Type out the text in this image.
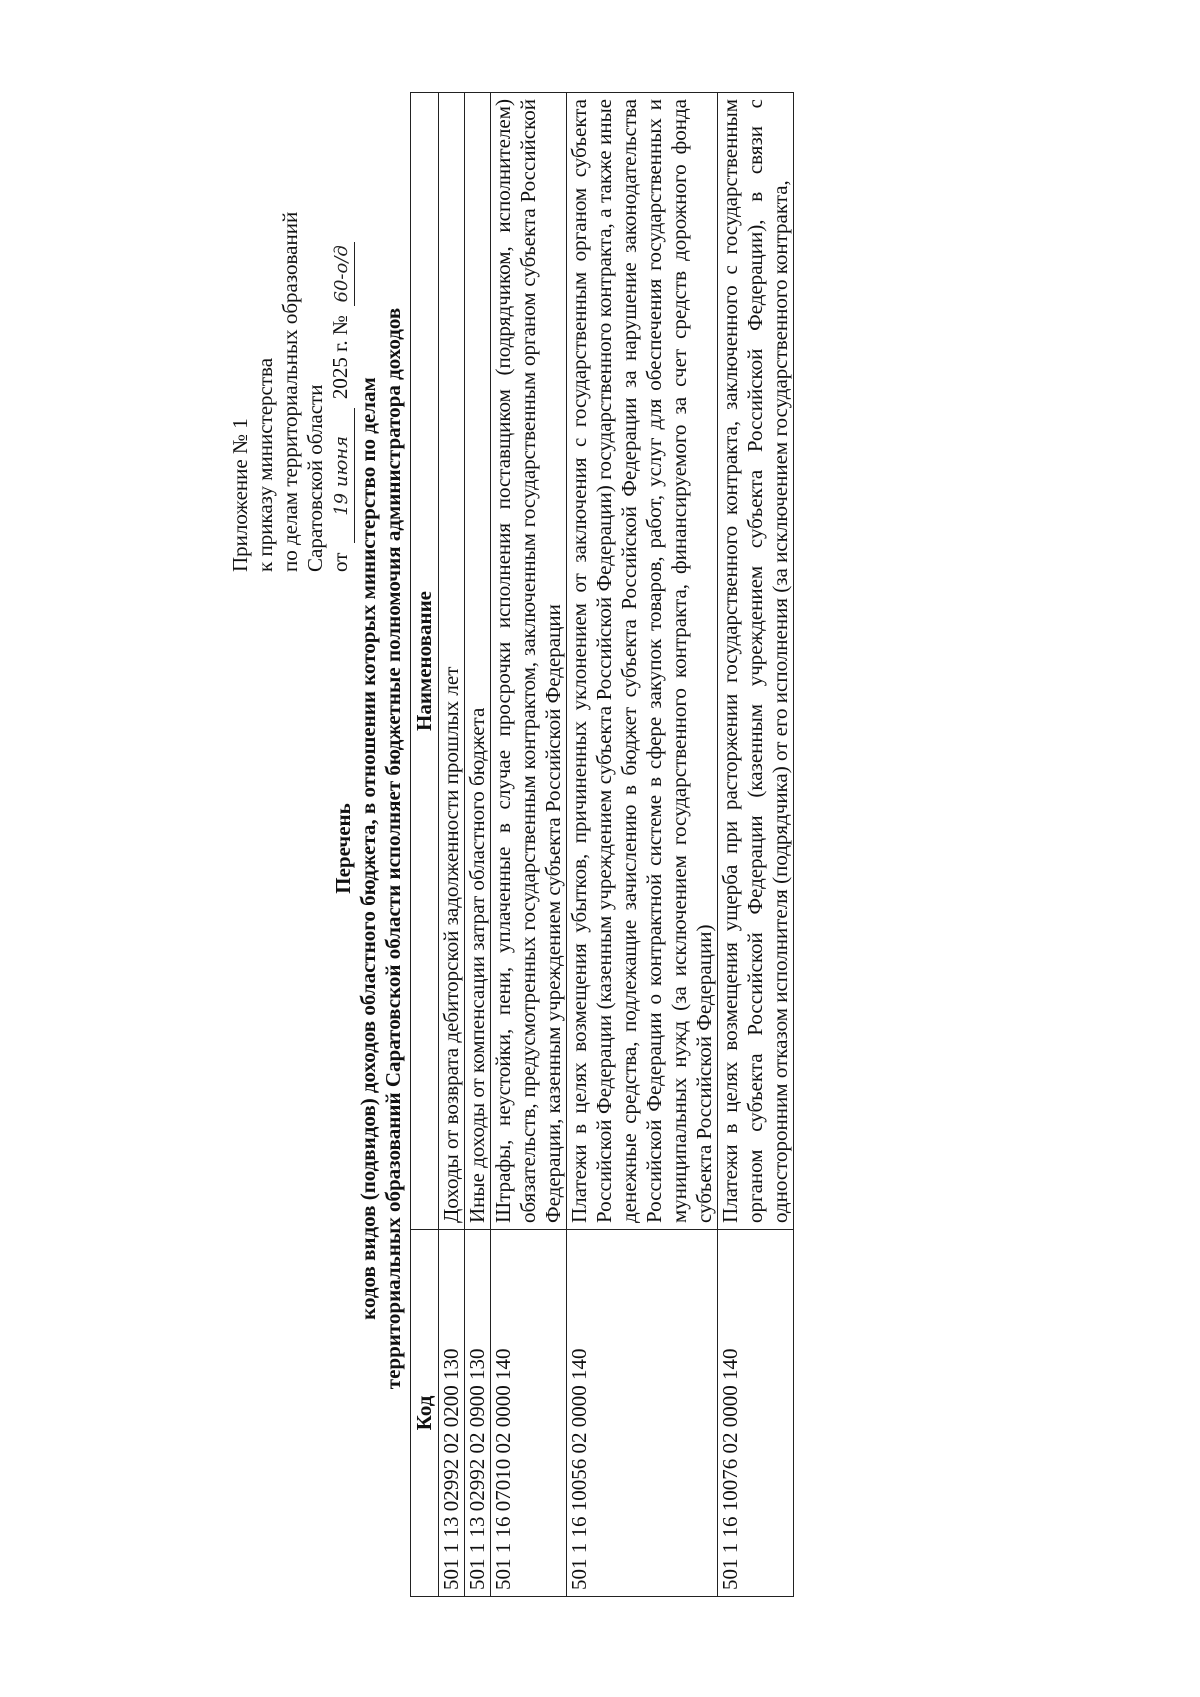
Приложение № 1 к приказу министерства по делам территориальных образований Саратовской области от 19 июня 2025 г. № 60-о/д
Перечень кодов видов (подвидов) доходов областного бюджета, в отношении которых министерство по делам территориальных образований Саратовской области исполняет бюджетные полномочия администратора доходов
Код	Наименование
501 1 13 02992 02 0200 130	Доходы от возврата дебиторской задолженности прошлых лет
501 1 13 02992 02 0900 130	Иные доходы от компенсации затрат областного бюджета
501 1 16 07010 02 0000 140	Штрафы, неустойки, пени, уплаченные в случае просрочки исполнения поставщиком (подрядчиком, исполнителем) обязательств, предусмотренных государственным контрактом, заключенным государственным органом субъекта Российской Федерации, казенным учреждением субъекта Российской Федерации
501 1 16 10056 02 0000 140	Платежи в целях возмещения убытков, причиненных уклонением от заключения с государственным органом субъекта Российской Федерации (казенным учреждением субъекта Российской Федерации) государственного контракта, а также иные денежные средства, подлежащие зачислению в бюджет субъекта Российской Федерации за нарушение законодательства Российской Федерации о контрактной системе в сфере закупок товаров, работ, услуг для обеспечения государственных и муниципальных нужд (за исключением государственного контракта, финансируемого за счет средств дорожного фонда субъекта Российской Федерации)
501 1 16 10076 02 0000 140	Платежи в целях возмещения ущерба при расторжении государственного контракта, заключенного с государственным органом субъекта Российской Федерации (казенным учреждением субъекта Российской Федерации), в связи с односторонним отказом исполнителя (подрядчика) от его исполнения (за исключением государственного контракта,
